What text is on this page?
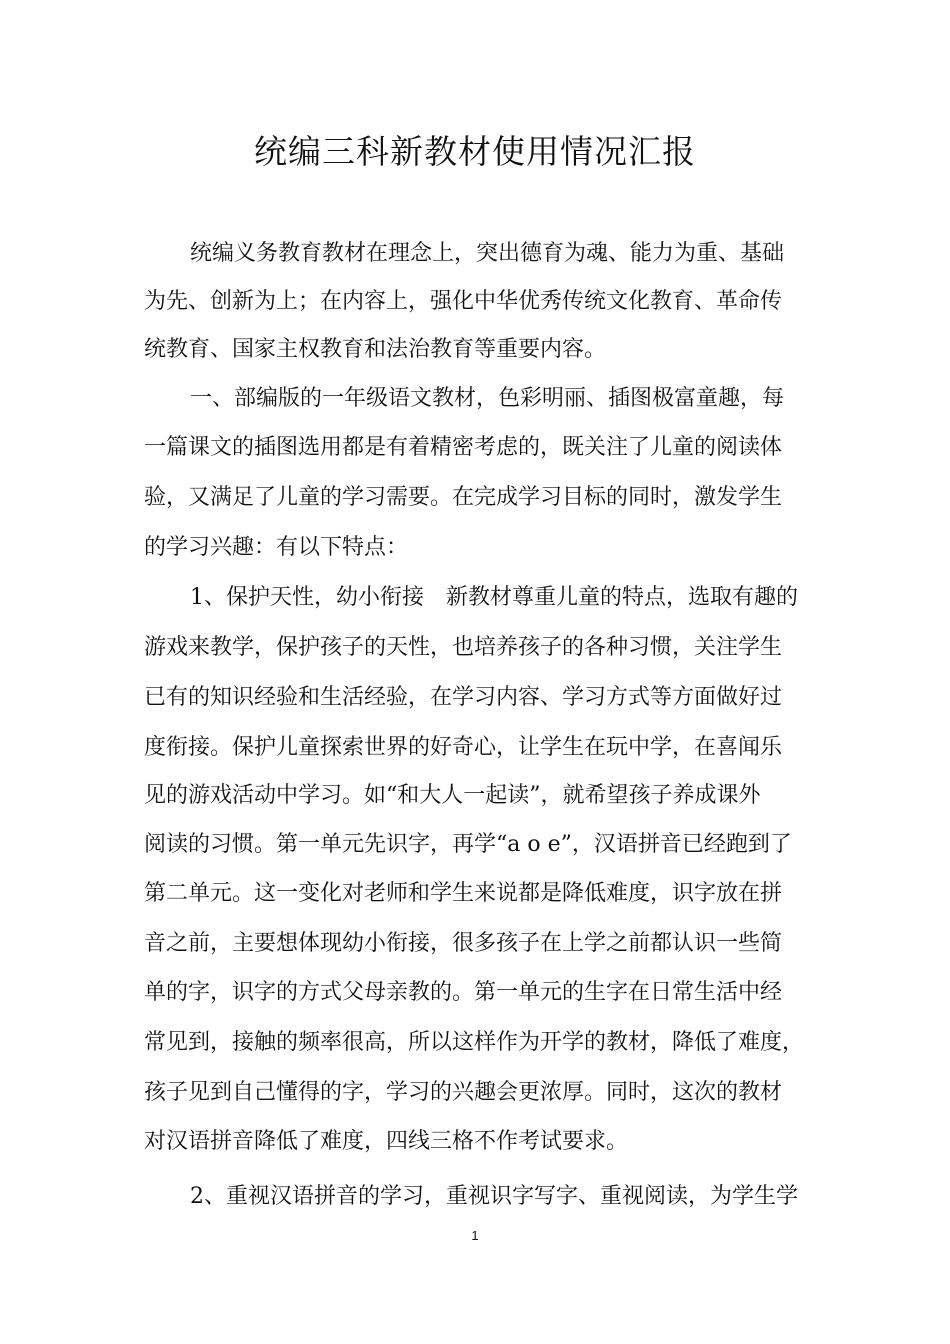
统编三科新教材使用情况汇报

统编义务教育教材在理念上，突出德育为魂、能力为重、基础

为先、创新为上；在内容上，强化中华优秀传统文化教育、革命传

统教育、国家主权教育和法治教育等重要内容。

一、部编版的一年级语文教材，色彩明丽、插图极富童趣，每

一篇课文的插图选用都是有着精密考虑的，既关注了儿童的阅读体

验，又满足了儿童的学习需要。在完成学习目标的同时，激发学生

的学习兴趣：有以下特点：

1、保护天性，幼小衔接　新教材尊重儿童的特点，选取有趣的

游戏来教学，保护孩子的天性，也培养孩子的各种习惯，关注学生

已有的知识经验和生活经验，在学习内容、学习方式等方面做好过

度衔接。保护儿童探索世界的好奇心，让学生在玩中学，在喜闻乐

见的游戏活动中学习。如“和大人一起读”，就希望孩子养成课外

阅读的习惯。第一单元先识字，再学“a o e”，汉语拼音已经跑到了

第二单元。这一变化对老师和学生来说都是降低难度，识字放在拼

音之前，主要想体现幼小衔接，很多孩子在上学之前都认识一些简

单的字，识字的方式父母亲教的。第一单元的生字在日常生活中经

常见到，接触的频率很高，所以这样作为开学的教材，降低了难度，

孩子见到自己懂得的字，学习的兴趣会更浓厚。同时，这次的教材

对汉语拼音降低了难度，四线三格不作考试要求。

2、重视汉语拼音的学习，重视识字写字、重视阅读，为学生学

1
